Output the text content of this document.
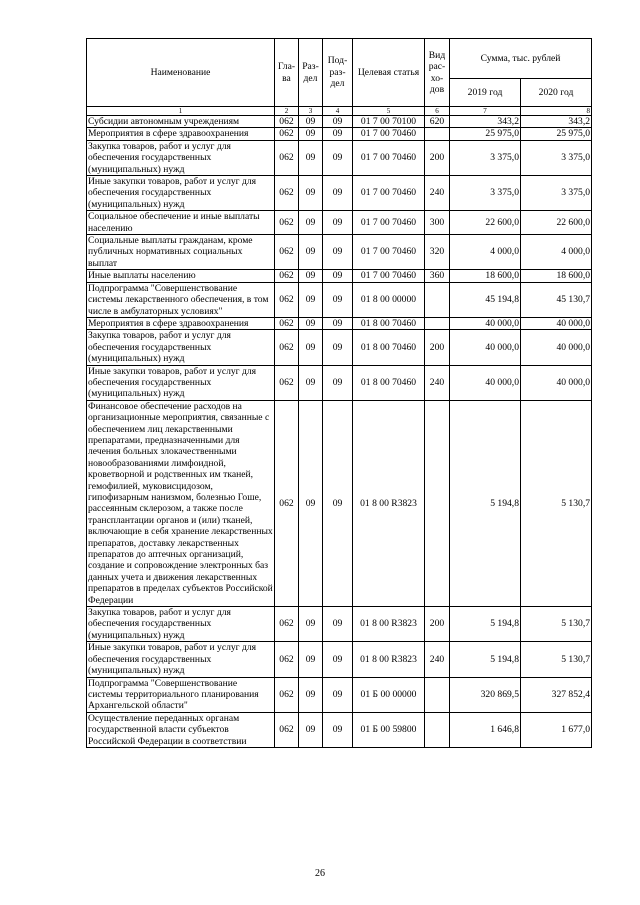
Наименование	Гла-ва	Раз-дел	Под-раз-дел	Целевая статья	Вид рас-хо-дов	Сумма, тыс. рублей	
						2019 год	2020 год
1	2	3	4	5	6	7	8
Субсидии автономным учреждениям	062	09	09	01 7 00 70100	620	343,2	343,2
Мероприятия в сфере здравоохранения	062	09	09	01 7 00 70460		25 975,0	25 975,0
Закупка товаров, работ и услуг для обеспечения государственных (муниципальных) нужд	062	09	09	01 7 00 70460	200	3 375,0	3 375,0
Иные закупки товаров, работ и услуг для обеспечения государственных (муниципальных) нужд	062	09	09	01 7 00 70460	240	3 375,0	3 375,0
Социальное обеспечение и иные выплаты населению	062	09	09	01 7 00 70460	300	22 600,0	22 600,0
Социальные выплаты гражданам, кроме публичных нормативных социальных выплат	062	09	09	01 7 00 70460	320	4 000,0	4 000,0
Иные выплаты населению	062	09	09	01 7 00 70460	360	18 600,0	18 600,0
Подпрограмма "Совершенствование системы лекарственного обеспечения, в том числе в амбулаторных условиях"	062	09	09	01 8 00 00000		45 194,8	45 130,7
Мероприятия в сфере здравоохранения	062	09	09	01 8 00 70460		40 000,0	40 000,0
Закупка товаров, работ и услуг для обеспечения государственных (муниципальных) нужд	062	09	09	01 8 00 70460	200	40 000,0	40 000,0
Иные закупки товаров, работ и услуг для обеспечения государственных (муниципальных) нужд	062	09	09	01 8 00 70460	240	40 000,0	40 000,0
Финансовое обеспечение расходов на организационные мероприятия, связанные с обеспечением лиц лекарственными препаратами, предназначенными для лечения больных злокачественными новообразованиями лимфоидной, кроветворной и родственных им тканей, гемофилией, муковисцидозом, гипофизарным нанизмом, болезнью Гоше, рассеянным склерозом, а также после трансплантации органов и (или) тканей, включающие в себя хранение лекарственных препаратов, доставку лекарственных препаратов до аптечных организаций, создание и сопровождение электронных баз данных учета и движения лекарственных препаратов в пределах субъектов Российской Федерации	062	09	09	01 8 00 R3823		5 194,8	5 130,7
Закупка товаров, работ и услуг для обеспечения государственных (муниципальных) нужд	062	09	09	01 8 00 R3823	200	5 194,8	5 130,7
Иные закупки товаров, работ и услуг для обеспечения государственных (муниципальных) нужд	062	09	09	01 8 00 R3823	240	5 194,8	5 130,7
Подпрограмма "Совершенствование системы территориального планирования Архангельской области"	062	09	09	01 Б 00 00000		320 869,5	327 852,4
Осуществление переданных органам государственной власти субъектов Российской Федерации в соответствии	062	09	09	01 Б 00 59800		1 646,8	1 677,0
26
